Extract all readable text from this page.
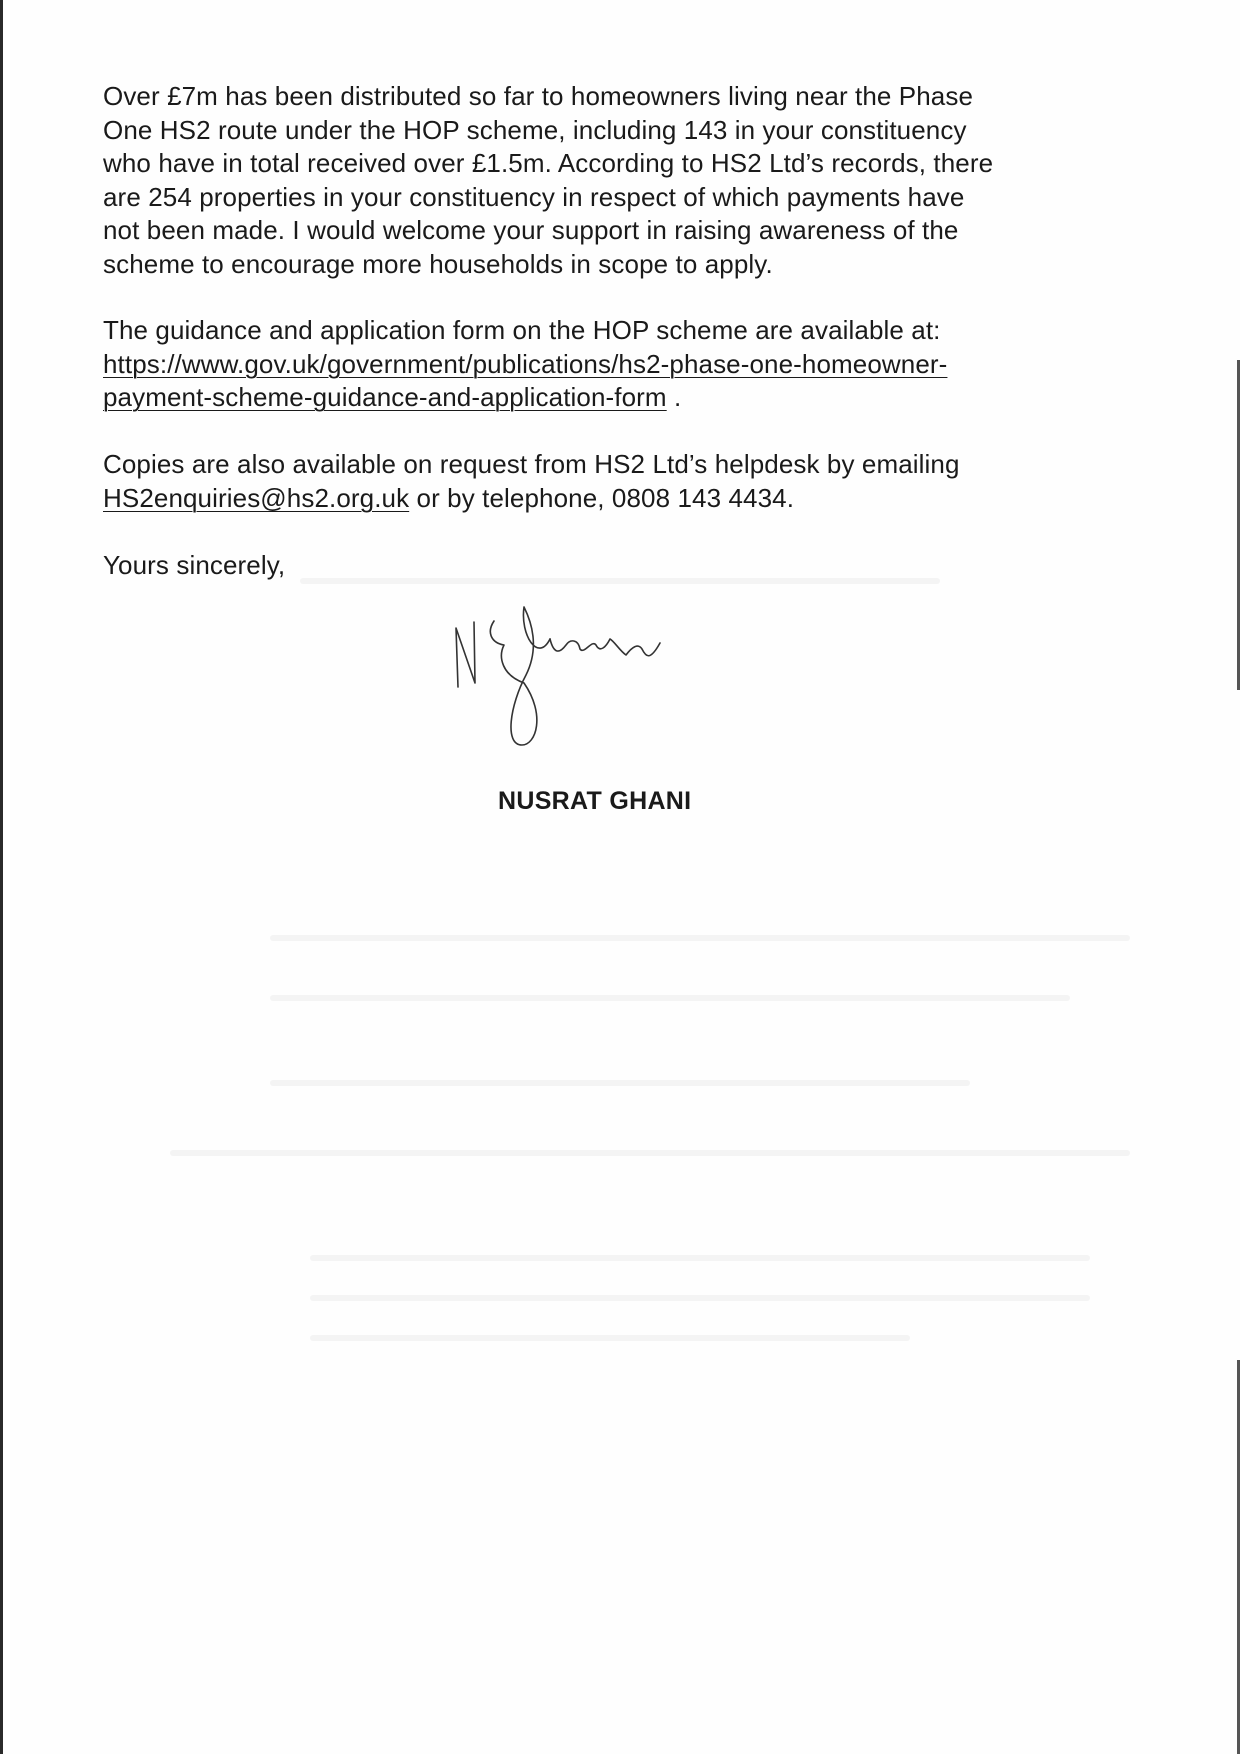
Over £7m has been distributed so far to homeowners living near the Phase
One HS2 route under the HOP scheme, including 143 in your constituency
who have in total received over £1.5m. According to HS2 Ltd’s records, there
are 254 properties in your constituency in respect of which payments have
not been made. I would welcome your support in raising awareness of the
scheme to encourage more households in scope to apply.
The guidance and application form on the HOP scheme are available at:
https://www.gov.uk/government/publications/hs2-phase-one-homeowner-
payment-scheme-guidance-and-application-form .
Copies are also available on request from HS2 Ltd’s helpdesk by emailing
HS2enquiries@hs2.org.uk or by telephone, 0808 143 4434.
Yours sincerely,
NUSRAT GHANI
